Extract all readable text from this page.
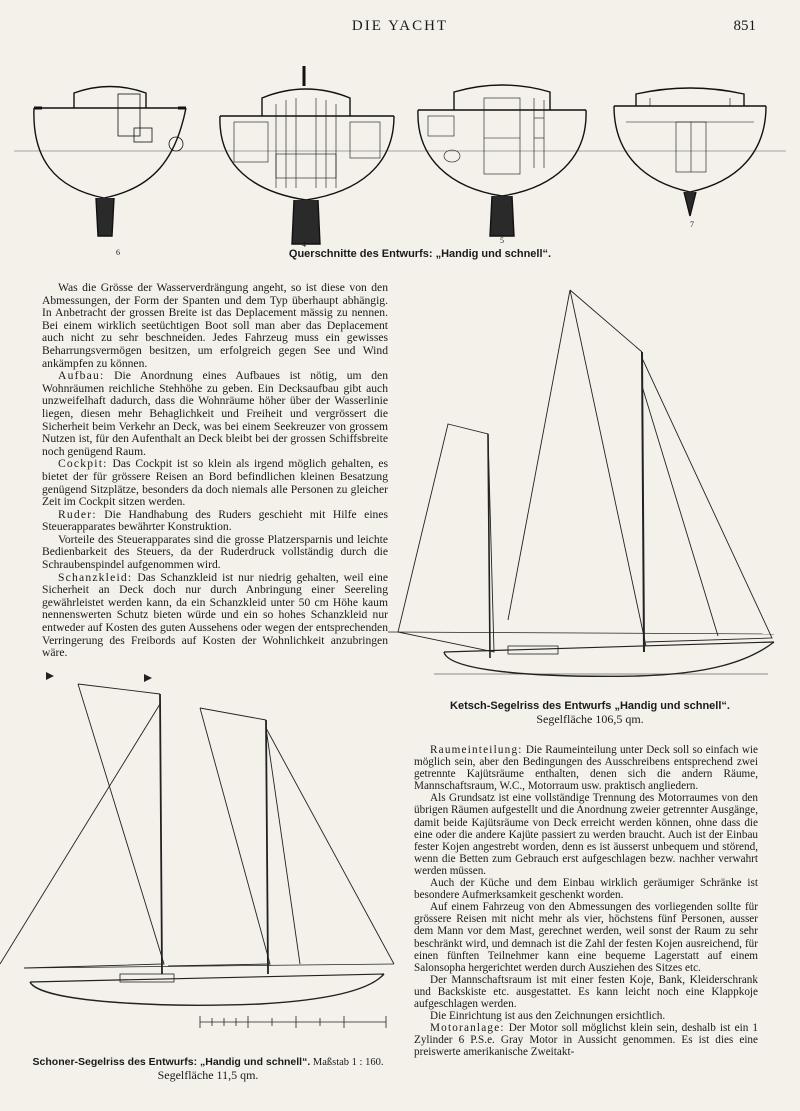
DIE YACHT	851
6
4	5
7
Querschnitte des Entwurfs: „Handig und schnell“.

Was die Grösse der Wasserverdrängung angeht, so ist diese von den Abmessungen, der Form der Spanten und dem Typ überhaupt abhängig. In Anbetracht der grossen Breite ist das Deplacement mässig zu nennen. Bei einem wirklich seetüchtigen Boot soll man aber das Deplacement auch nicht zu sehr beschneiden. Jedes Fahrzeug muss ein gewisses Beharrungsvermögen besitzen, um erfolgreich gegen See und Wind ankämpfen zu können.

Aufbau: Die Anordnung eines Aufbaues ist nötig, um den Wohnräumen reichliche Stehhöhe zu geben. Ein Decksaufbau gibt auch unzweifelhaft dadurch, dass die Wohnräume höher über der Wasserlinie liegen, diesen mehr Behaglichkeit und Freiheit und vergrössert die Sicherheit beim Verkehr an Deck, was bei einem Seekreuzer von grossem Nutzen ist, für den Aufenthalt an Deck bleibt bei der grossen Schiffsbreite noch genügend Raum.

Cockpit: Das Cockpit ist so klein als irgend möglich gehalten, es bietet der für grössere Reisen an Bord befindlichen kleinen Besatzung genügend Sitzplätze, besonders da doch niemals alle Personen zu gleicher Zeit im Cockpit sitzen werden.

Ruder: Die Handhabung des Ruders geschieht mit Hilfe eines Steuerapparates bewährter Konstruktion.

Vorteile des Steuerapparates sind die grosse Platzersparnis und leichte Bedienbarkeit des Steuers, da der Ruderdruck vollständig durch die Schraubenspindel aufgenommen wird.

Schanzkleid: Das Schanzkleid ist nur niedrig gehalten, weil eine Sicherheit an Deck doch nur durch Anbringung einer Seereling gewährleistet werden kann, da ein Schanzkleid unter 50 cm Höhe kaum nennenswerten Schutz bieten würde und ein so hohes Schanzkleid nur entweder auf Kosten des guten Aussehens oder wegen der entsprechenden Verringerung des Freibords auf Kosten der Wohnlichkeit anzubringen wäre.

Ketsch-Segelriss des Entwurfs „Handig und schnell“.
Segelfläche 106,5 qm.
Schoner-Segelriss des Entwurfs: „Handig und schnell“. Maßstab 1 : 160.
Segelfläche 11,5 qm.

Raumeinteilung: Die Raumeinteilung unter Deck soll so einfach wie möglich sein, aber den Bedingungen des Ausschreibens entsprechend zwei getrennte Kajütsräume enthalten, denen sich die andern Räume, Mannschaftsraum, W.C., Motorraum usw. praktisch angliedern.

Als Grundsatz ist eine vollständige Trennung des Motorraumes von den übrigen Räumen aufgestellt und die Anordnung zweier getrennter Ausgänge, damit beide Kajütsräume von Deck erreicht werden können, ohne dass die eine oder die andere Kajüte passiert zu werden braucht. Auch ist der Einbau fester Kojen angestrebt worden, denn es ist äusserst unbequem und störend, wenn die Betten zum Gebrauch erst aufgeschlagen bezw. nachher verwahrt werden müssen.

Auch der Küche und dem Einbau wirklich geräumiger Schränke ist besondere Aufmerksamkeit geschenkt worden.

Auf einem Fahrzeug von den Abmessungen des vorliegenden sollte für grössere Reisen mit nicht mehr als vier, höchstens fünf Personen, ausser dem Mann vor dem Mast, gerechnet werden, weil sonst der Raum zu sehr beschränkt wird, und demnach ist die Zahl der festen Kojen ausreichend, für einen fünften Teilnehmer kann eine bequeme Lagerstatt auf einem Salonsopha hergerichtet werden durch Ausziehen des Sitzes etc.

Der Mannschaftsraum ist mit einer festen Koje, Bank, Kleiderschrank und Backskiste etc. ausgestattet. Es kann leicht noch eine Klappkoje aufgeschlagen werden.

Die Einrichtung ist aus den Zeichnungen ersichtlich.

Motoranlage: Der Motor soll möglichst klein sein, deshalb ist ein 1 Zylinder 6 P.S.e. Gray Motor in Aussicht genommen. Es ist dies eine preiswerte amerikanische Zweitakt-
